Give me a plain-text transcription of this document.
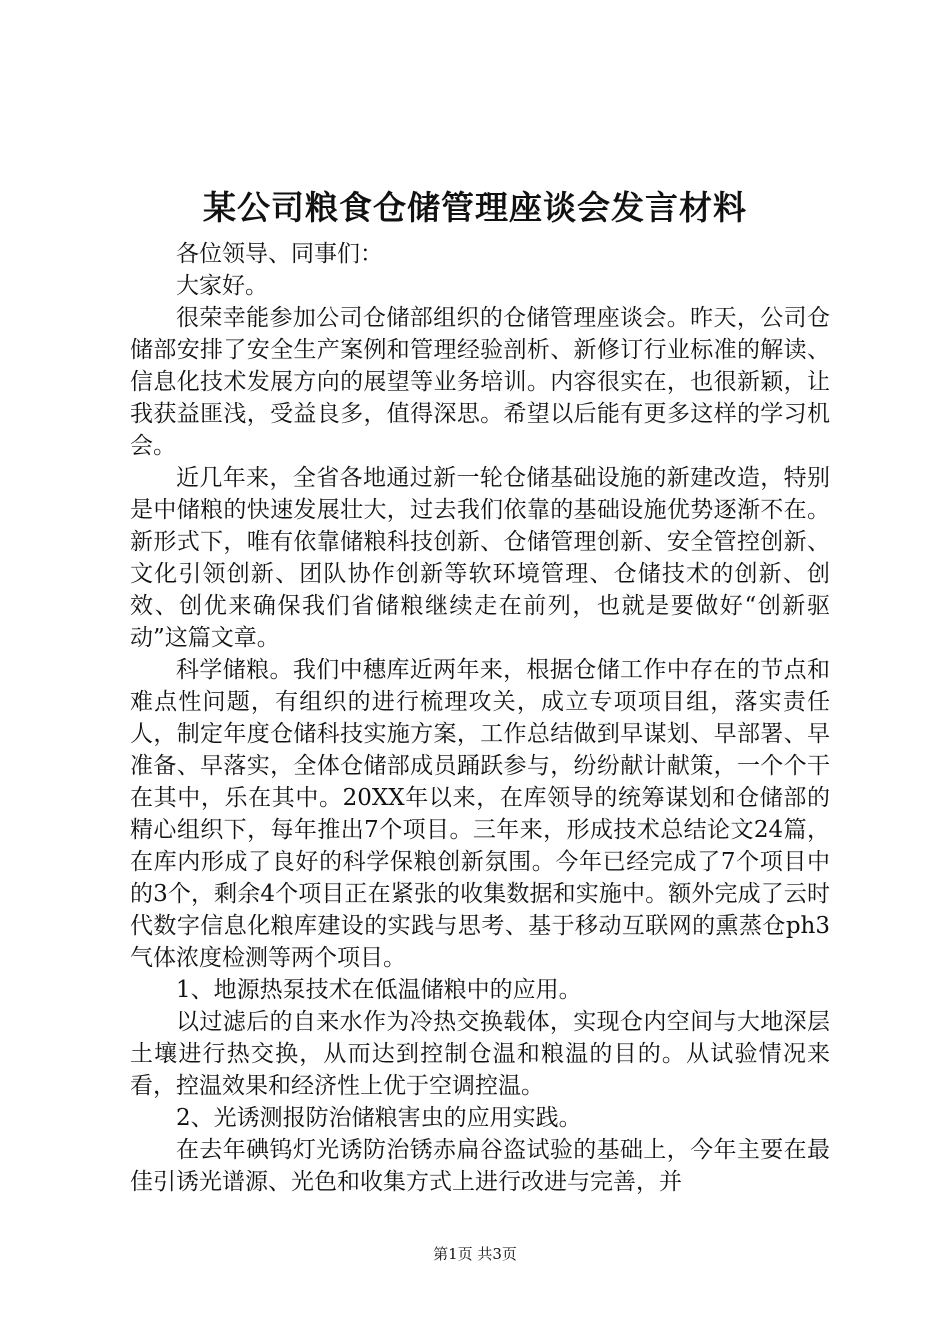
某公司粮食仓储管理座谈会发言材料

各位领导、同事们：

大家好。

很荣幸能参加公司仓储部组织的仓储管理座谈会。昨天，公司仓储部安排了安全生产案例和管理经验剖析、新修订行业标准的解读、信息化技术发展方向的展望等业务培训。内容很实在，也很新颖，让我获益匪浅，受益良多，值得深思。希望以后能有更多这样的学习机会。

近几年来，全省各地通过新一轮仓储基础设施的新建改造，特别是中储粮的快速发展壮大，过去我们依靠的基础设施优势逐渐不在。新形式下，唯有依靠储粮科技创新、仓储管理创新、安全管控创新、文化引领创新、团队协作创新等软环境管理、仓储技术的创新、创效、创优来确保我们省储粮继续走在前列，也就是要做好“创新驱动”这篇文章。

科学储粮。我们中穗库近两年来，根据仓储工作中存在的节点和难点性问题，有组织的进行梳理攻关，成立专项项目组，落实责任人，制定年度仓储科技实施方案，工作总结做到早谋划、早部署、早准备、早落实，全体仓储部成员踊跃参与，纷纷献计献策，一个个干在其中，乐在其中。20XX年以来，在库领导的统筹谋划和仓储部的精心组织下，每年推出7个项目。三年来，形成技术总结论文24篇，在库内形成了良好的科学保粮创新氛围。今年已经完成了7个项目中的3个，剩余4个项目正在紧张的收集数据和实施中。额外完成了云时代数字信息化粮库建设的实践与思考、基于移动互联网的熏蒸仓ph3气体浓度检测等两个项目。

1、地源热泵技术在低温储粮中的应用。

以过滤后的自来水作为冷热交换载体，实现仓内空间与大地深层土壤进行热交换，从而达到控制仓温和粮温的目的。从试验情况来看，控温效果和经济性上优于空调控温。

2、光诱测报防治储粮害虫的应用实践。

在去年碘钨灯光诱防治锈赤扁谷盗试验的基础上，今年主要在最佳引诱光谱源、光色和收集方式上进行改进与完善，并

第1页 共3页
